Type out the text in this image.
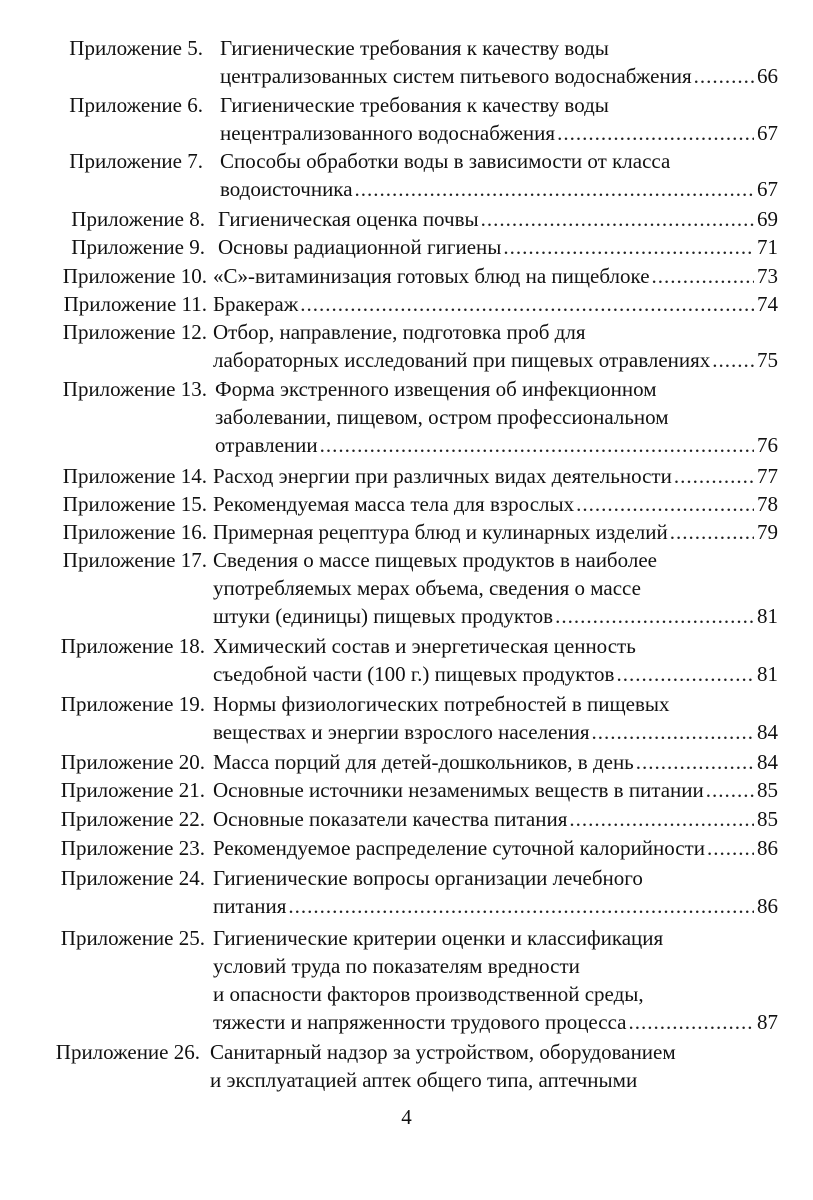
Приложение 5. Гигиенические требования к качеству воды
централизованных систем питьевого водоснабжения .....	66
Приложение 6. Гигиенические требования к качеству воды
нецентрализованного водоснабжения .....	67
Приложение 7. Способы обработки воды в зависимости от класса
водоисточника .....	67
Приложение 8. Гигиеническая оценка почвы .....	69
Приложение 9. Основы радиационной гигиены .....	71
Приложение 10. «С»-витаминизация готовых блюд на пищеблоке .....	73
Приложение 11. Бракераж .....	74
Приложение 12. Отбор, направление, подготовка проб для
лабораторных исследований при пищевых отравлениях ..... 75
Приложение 13. Форма экстренного извещения об инфекционном
заболевании, пищевом, остром профессиональном
отравлении .....	76
Приложение 14. Расход энергии при различных видах деятельности .....	77
Приложение 15. Рекомендуемая масса тела для взрослых .....	78
Приложение 16. Примерная рецептура блюд и кулинарных изделий .....	79
Приложение 17. Сведения о массе пищевых продуктов в наиболее
употребляемых мерах объема, сведения о массе
штуки (единицы) пищевых продуктов .....	81
Приложение 18. Химический состав и энергетическая ценность
съедобной части (100 г.) пищевых продуктов .....	81
Приложение 19. Нормы физиологических потребностей в пищевых
веществах и энергии взрослого населения .....	84
Приложение 20. Масса порций для детей-дошкольников, в день .....	84
Приложение 21. Основные источники незаменимых веществ в питании .....	85
Приложение 22. Основные показатели качества питания .....	85
Приложение 23. Рекомендуемое распределение суточной калорийности ..... 86
Приложение 24. Гигиенические вопросы организации лечебного
питания .....	86
Приложение 25. Гигиенические критерии оценки и классификация
условий труда по показателям вредности
и опасности факторов производственной среды,
тяжести и напряженности трудового процесса .....	87
Приложение 26. Санитарный надзор за устройством, оборудованием
и эксплуатацией аптек общего типа, аптечными
4
